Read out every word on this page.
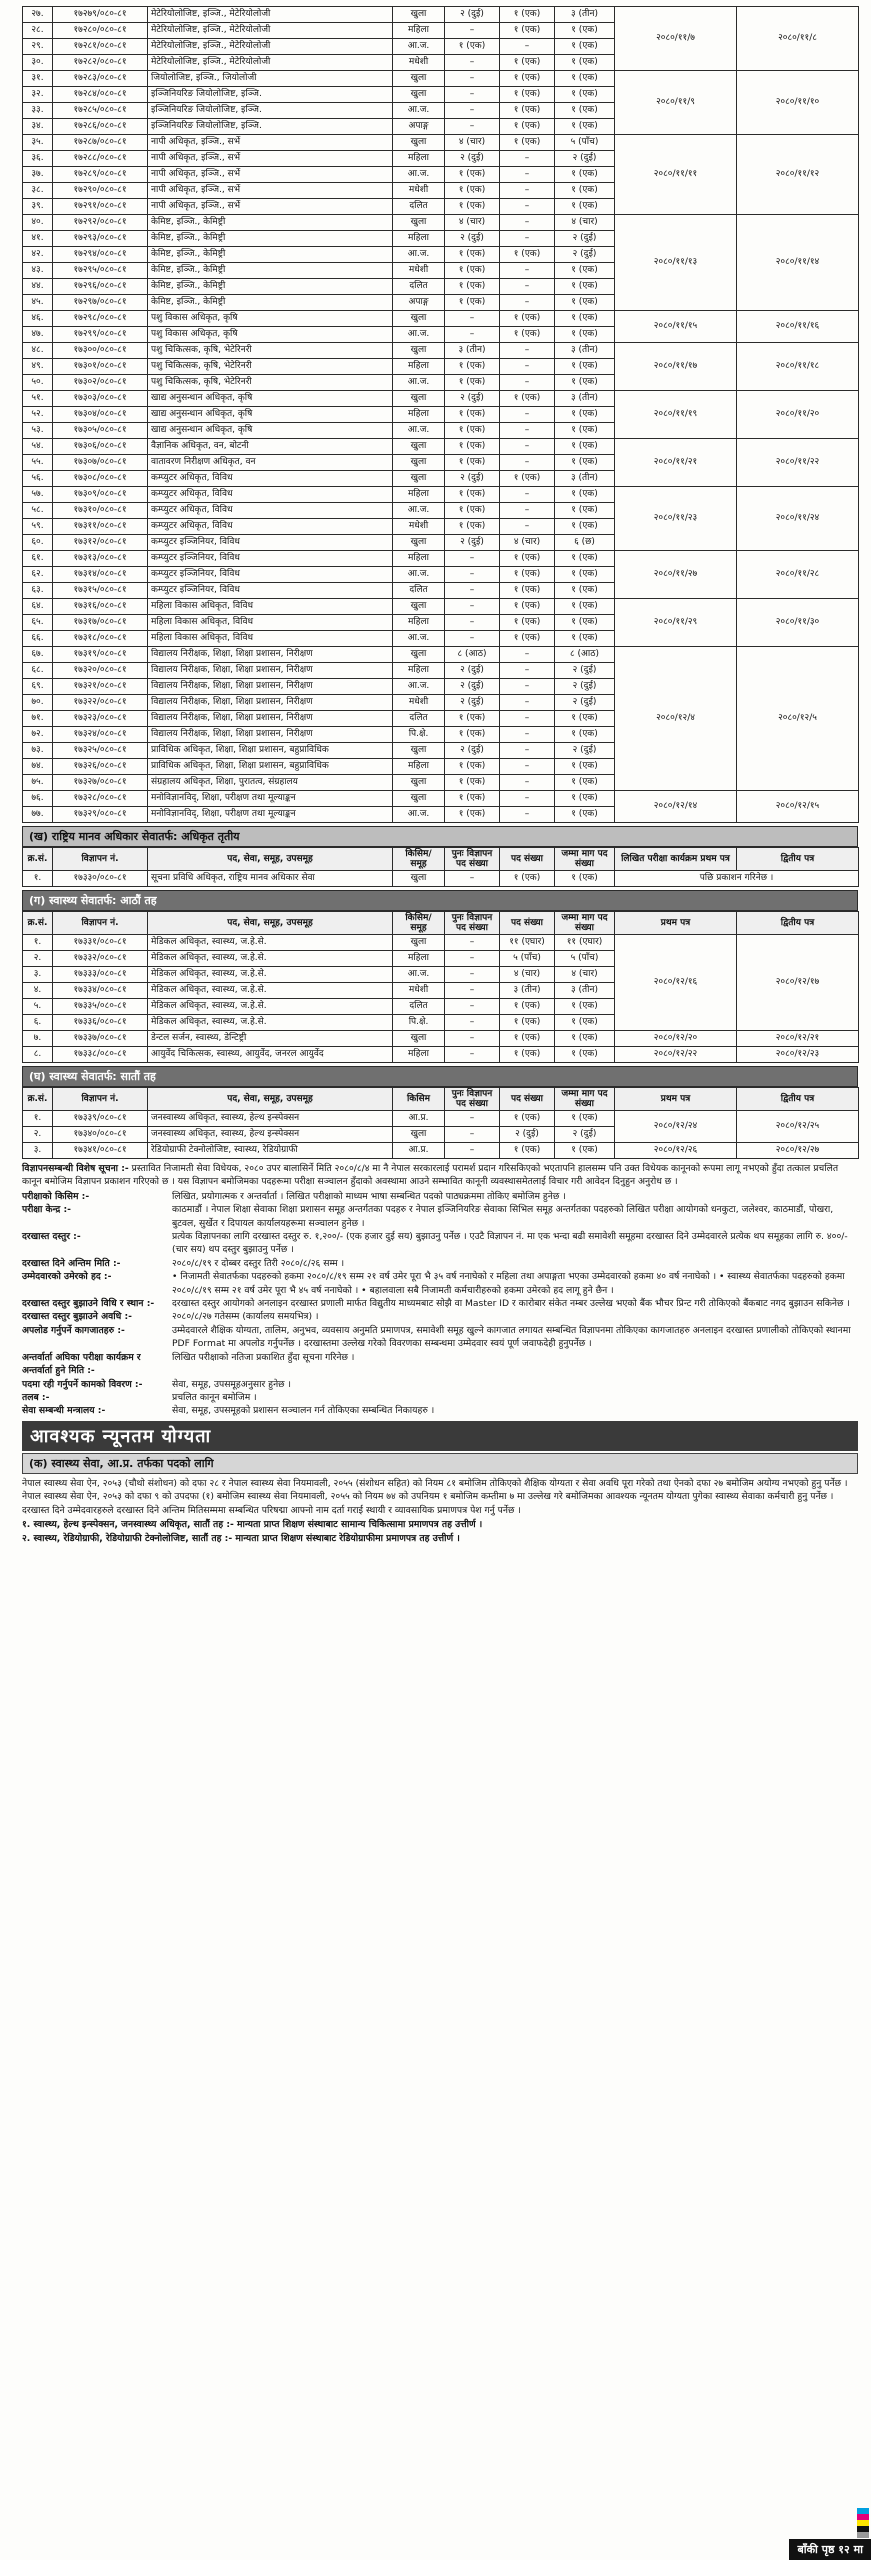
२७.	१७२७९/०८०-८१	मेटेरियोलोजिष्ट, इञ्जि., मेटेरियोलोजी	खुला	२ (दुई)	१ (एक)	३ (तीन)	२०८०/११/७	२०८०/११/८
२८.	१७२८०/०८०-८१	मेटेरियोलोजिष्ट, इञ्जि., मेटेरियोलोजी	महिला	–	१ (एक)	१ (एक)		
२९.	१७२८१/०८०-८१	मेटेरियोलोजिष्ट, इञ्जि., मेटेरियोलोजी	आ.ज.	१ (एक)	–	१ (एक)		
३०.	१७२८२/०८०-८१	मेटेरियोलोजिष्ट, इञ्जि., मेटेरियोलोजी	मधेशी	–	१ (एक)	१ (एक)		
३१.	१७२८३/०८०-८१	जियोलोजिष्ट, इञ्जि., जियोलोजी	खुला	–	१ (एक)	१ (एक)	२०८०/११/९	२०८०/११/१०
३२.	१७२८४/०८०-८१	इञ्जिनियरिङ जियोलोजिष्ट, इञ्जि.	खुला	–	१ (एक)	१ (एक)		
३३.	१७२८५/०८०-८१	इञ्जिनियरिङ जियोलोजिष्ट, इञ्जि.	आ.ज.	–	१ (एक)	१ (एक)		
३४.	१७२८६/०८०-८१	इञ्जिनियरिङ जियोलोजिष्ट, इञ्जि.	अपाङ्ग	–	१ (एक)	१ (एक)		
३५.	१७२८७/०८०-८१	नापी अधिकृत, इञ्जि., सर्भे	खुला	४ (चार)	१ (एक)	५ (पाँच)	२०८०/११/११	२०८०/११/१२
३६.	१७२८८/०८०-८१	नापी अधिकृत, इञ्जि., सर्भे	महिला	२ (दुई)	–	२ (दुई)		
३७.	१७२८९/०८०-८१	नापी अधिकृत, इञ्जि., सर्भे	आ.ज.	१ (एक)	–	१ (एक)		
३८.	१७२९०/०८०-८१	नापी अधिकृत, इञ्जि., सर्भे	मधेशी	१ (एक)	–	१ (एक)		
३९.	१७२९१/०८०-८१	नापी अधिकृत, इञ्जि., सर्भे	दलित	१ (एक)	–	१ (एक)		
४०.	१७२९२/०८०-८१	केमिष्ट, इञ्जि., केमिष्ट्री	खुला	४ (चार)	–	४ (चार)	२०८०/११/१३	२०८०/११/१४
४१.	१७२९३/०८०-८१	केमिष्ट, इञ्जि., केमिष्ट्री	महिला	२ (दुई)	–	२ (दुई)		
४२.	१७२९४/०८०-८१	केमिष्ट, इञ्जि., केमिष्ट्री	आ.ज.	१ (एक)	१ (एक)	२ (दुई)		
४३.	१७२९५/०८०-८१	केमिष्ट, इञ्जि., केमिष्ट्री	मधेशी	१ (एक)	–	१ (एक)		
४४.	१७२९६/०८०-८१	केमिष्ट, इञ्जि., केमिष्ट्री	दलित	१ (एक)	–	१ (एक)		
४५.	१७२९७/०८०-८१	केमिष्ट, इञ्जि., केमिष्ट्री	अपाङ्ग	१ (एक)	–	१ (एक)		
४६.	१७२९८/०८०-८१	पशु विकास अधिकृत, कृषि	खुला	–	१ (एक)	१ (एक)	२०८०/११/१५	२०८०/११/१६
४७.	१७२९९/०८०-८१	पशु विकास अधिकृत, कृषि	आ.ज.	–	१ (एक)	१ (एक)		
४८.	१७३००/०८०-८१	पशु चिकित्सक, कृषि, भेटेरिनरी	खुला	३ (तीन)	–	३ (तीन)	२०८०/११/१७	२०८०/११/१८
४९.	१७३०१/०८०-८१	पशु चिकित्सक, कृषि, भेटेरिनरी	महिला	१ (एक)	–	१ (एक)		
५०.	१७३०२/०८०-८१	पशु चिकित्सक, कृषि, भेटेरिनरी	आ.ज.	१ (एक)	–	१ (एक)		
५१.	१७३०३/०८०-८१	खाद्य अनुसन्धान अधिकृत, कृषि	खुला	२ (दुई)	१ (एक)	३ (तीन)	२०८०/११/१९	२०८०/११/२०
५२.	१७३०४/०८०-८१	खाद्य अनुसन्धान अधिकृत, कृषि	महिला	१ (एक)	–	१ (एक)		
५३.	१७३०५/०८०-८१	खाद्य अनुसन्धान अधिकृत, कृषि	आ.ज.	१ (एक)	–	१ (एक)		
५४.	१७३०६/०८०-८१	वैज्ञानिक अधिकृत, वन, बोटनी	खुला	१ (एक)	–	१ (एक)	२०८०/११/२१	२०८०/११/२२
५५.	१७३०७/०८०-८१	वातावरण निरीक्षण अधिकृत, वन	खुला	१ (एक)	–	१ (एक)		
५६.	१७३०८/०८०-८१	कम्प्युटर अधिकृत, विविध	खुला	२ (दुई)	१ (एक)	३ (तीन)		
५७.	१७३०९/०८०-८१	कम्प्युटर अधिकृत, विविध	महिला	१ (एक)	–	१ (एक)	२०८०/११/२३	२०८०/११/२४
५८.	१७३१०/०८०-८१	कम्प्युटर अधिकृत, विविध	आ.ज.	१ (एक)	–	१ (एक)		
५९.	१७३११/०८०-८१	कम्प्युटर अधिकृत, विविध	मधेशी	१ (एक)	–	१ (एक)		
६०.	१७३१२/०८०-८१	कम्प्युटर इञ्जिनियर, विविध	खुला	२ (दुई)	४ (चार)	६ (छ)		
६१.	१७३१३/०८०-८१	कम्प्युटर इञ्जिनियर, विविध	महिला	–	१ (एक)	१ (एक)	२०८०/११/२७	२०८०/११/२८
६२.	१७३१४/०८०-८१	कम्प्युटर इञ्जिनियर, विविध	आ.ज.	–	१ (एक)	१ (एक)		
६३.	१७३१५/०८०-८१	कम्प्युटर इञ्जिनियर, विविध	दलित	–	१ (एक)	१ (एक)		
६४.	१७३१६/०८०-८१	महिला विकास अधिकृत, विविध	खुला	–	१ (एक)	१ (एक)	२०८०/११/२९	२०८०/११/३०
६५.	१७३१७/०८०-८१	महिला विकास अधिकृत, विविध	महिला	–	१ (एक)	१ (एक)		
६६.	१७३१८/०८०-८१	महिला विकास अधिकृत, विविध	आ.ज.	–	१ (एक)	१ (एक)		
६७.	१७३१९/०८०-८१	विद्यालय निरीक्षक, शिक्षा, शिक्षा प्रशासन, निरीक्षण	खुला	८ (आठ)	–	८ (आठ)	२०८०/१२/४	२०८०/१२/५
६८.	१७३२०/०८०-८१	विद्यालय निरीक्षक, शिक्षा, शिक्षा प्रशासन, निरीक्षण	महिला	२ (दुई)	–	२ (दुई)		
६९.	१७३२१/०८०-८१	विद्यालय निरीक्षक, शिक्षा, शिक्षा प्रशासन, निरीक्षण	आ.ज.	२ (दुई)	–	२ (दुई)		
७०.	१७३२२/०८०-८१	विद्यालय निरीक्षक, शिक्षा, शिक्षा प्रशासन, निरीक्षण	मधेशी	२ (दुई)	–	२ (दुई)		
७१.	१७३२३/०८०-८१	विद्यालय निरीक्षक, शिक्षा, शिक्षा प्रशासन, निरीक्षण	दलित	१ (एक)	–	१ (एक)		
७२.	१७३२४/०८०-८१	विद्यालय निरीक्षक, शिक्षा, शिक्षा प्रशासन, निरीक्षण	पि.क्षे.	१ (एक)	–	१ (एक)		
७३.	१७३२५/०८०-८१	प्राविधिक अधिकृत, शिक्षा, शिक्षा प्रशासन, बहुप्राविधिक	खुला	२ (दुई)	–	२ (दुई)		
७४.	१७३२६/०८०-८१	प्राविधिक अधिकृत, शिक्षा, शिक्षा प्रशासन, बहुप्राविधिक	महिला	१ (एक)	–	१ (एक)		
७५.	१७३२७/०८०-८१	संग्रहालय अधिकृत, शिक्षा, पुरातत्व, संग्रहालय	खुला	१ (एक)	–	१ (एक)		
७६.	१७३२८/०८०-८१	मनोविज्ञानविद्, शिक्षा, परीक्षण तथा मूल्याङ्कन	खुला	१ (एक)	–	१ (एक)	२०८०/१२/१४	२०८०/१२/१५
७७.	१७३२९/०८०-८१	मनोविज्ञानविद्, शिक्षा, परीक्षण तथा मूल्याङ्कन	आ.ज.	१ (एक)	–	१ (एक)		
(ख) राष्ट्रिय मानव अधिकार सेवातर्फ: अधिकृत तृतीय
क्र.सं.	विज्ञापन नं.	पद, सेवा, समूह, उपसमूह	किसिम/ समूह	पुनः विज्ञापन पद संख्या	पद संख्या	जम्मा माग पद संख्या	लिखित परीक्षा कार्यक्रम प्रथम पत्र	द्वितीय पत्र
१.	१७३३०/०८०-८१	सूचना प्रविधि अधिकृत, राष्ट्रिय मानव अधिकार सेवा	खुला	–	१ (एक)	१ (एक)	पछि प्रकाशन गरिनेछ ।	
(ग) स्वास्थ्य सेवातर्फ: आठौं तह
क्र.सं.	विज्ञापन नं.	पद, सेवा, समूह, उपसमूह	किसिम/ समूह	पुनः विज्ञापन पद संख्या	पद संख्या	जम्मा माग पद संख्या	प्रथम पत्र	द्वितीय पत्र
१.	१७३३१/०८०-८१	मेडिकल अधिकृत, स्वास्थ्य, ज.हे.से.	खुला	–	११ (एघार)	११ (एघार)	२०८०/१२/१६	२०८०/१२/१७
२.	१७३३२/०८०-८१	मेडिकल अधिकृत, स्वास्थ्य, ज.हे.से.	महिला	–	५ (पाँच)	५ (पाँच)		
३.	१७३३३/०८०-८१	मेडिकल अधिकृत, स्वास्थ्य, ज.हे.से.	आ.ज.	–	४ (चार)	४ (चार)		
४.	१७३३४/०८०-८१	मेडिकल अधिकृत, स्वास्थ्य, ज.हे.से.	मधेशी	–	३ (तीन)	३ (तीन)		
५.	१७३३५/०८०-८१	मेडिकल अधिकृत, स्वास्थ्य, ज.हे.से.	दलित	–	१ (एक)	१ (एक)		
६.	१७३३६/०८०-८१	मेडिकल अधिकृत, स्वास्थ्य, ज.हे.से.	पि.क्षे.	–	१ (एक)	१ (एक)		
७.	१७३३७/०८०-८१	डेन्टल सर्जन, स्वास्थ्य, डेन्टिष्ट्री	खुला	–	१ (एक)	१ (एक)	२०८०/१२/२०	२०८०/१२/२१
८.	१७३३८/०८०-८१	आयुर्वेद चिकित्सक, स्वास्थ्य, आयुर्वेद, जनरल आयुर्वेद	महिला	–	१ (एक)	१ (एक)	२०८०/१२/२२	२०८०/१२/२३
(घ) स्वास्थ्य सेवातर्फ: सातौं तह
क्र.सं.	विज्ञापन नं.	पद, सेवा, समूह, उपसमूह	किसिम	पुनः विज्ञापन पद संख्या	पद संख्या	जम्मा माग पद संख्या	प्रथम पत्र	द्वितीय पत्र
१.	१७३३९/०८०-८१	जनस्वास्थ्य अधिकृत, स्वास्थ्य, हेल्थ इन्स्पेक्सन	आ.प्र.	–	१ (एक)	१ (एक)	२०८०/१२/२४	२०८०/१२/२५
२.	१७३४०/०८०-८१	जनस्वास्थ्य अधिकृत, स्वास्थ्य, हेल्थ इन्स्पेक्सन	खुला	–	२ (दुई)	२ (दुई)		
३.	१७३४१/०८०-८१	रेडियोग्राफी टेक्नोलोजिष्ट, स्वास्थ्य, रेडियोग्राफी	आ.प्र.	–	१ (एक)	१ (एक)	२०८०/१२/२६	२०८०/१२/२७

विज्ञापनसम्बन्धी विशेष सूचना :- प्रस्तावित निजामती सेवा विधेयक, २०८० उपर बालासिर्ने मिति २०८०/८/४ मा नै नेपाल सरकारलाई परामर्श प्रदान गरिसकिएको भएतापनि हालसम्म पनि उक्त विधेयक कानूनको रूपमा लागू नभएको हुँदा तत्काल प्रचलित कानून बमोजिम विज्ञापन प्रकाशन गरिएको छ । यस विज्ञापन बमोजिमका पदहरूमा परीक्षा सञ्चालन हुँदाको अवस्थामा आउने सम्भावित कानूनी व्यवस्थासमेतलाई विचार गरी आवेदन दिनुहुन अनुरोध छ ।

परीक्षाको किसिम :-	लिखित, प्रयोगात्मक र अन्तर्वार्ता । लिखित परीक्षाको माध्यम भाषा सम्बन्धित पदको पाठ्यक्रममा तोकिए बमोजिम हुनेछ ।
परीक्षा केन्द्र :-	काठमाडौं । नेपाल शिक्षा सेवाका शिक्षा प्रशासन समूह अन्तर्गतका पदहरु र नेपाल इञ्जिनियरिङ सेवाका सिभिल समूह अन्तर्गतका पदहरुको लिखित परीक्षा आयोगको धनकुटा, जलेश्वर, काठमाडौं, पोखरा, बुटवल, सुर्खेत र दिपायल कार्यालयहरूमा सञ्चालन हुनेछ ।
दरखास्त दस्तुर :-	प्रत्येक विज्ञापनका लागि दरखास्त दस्तुर रु. १,२००/- (एक हजार दुई सय) बुझाउनु पर्नेछ । एउटै विज्ञापन नं. मा एक भन्दा बढी समावेशी समूहमा दरखास्त दिने उम्मेदवारले प्रत्येक थप समूहका लागि रु. ४००/- (चार सय) थप दस्तुर बुझाउनु पर्नेछ ।
दरखास्त दिने अन्तिम मिति :-	२०८०/८/१९ र दोब्बर दस्तुर तिरी २०८०/८/२६ सम्म ।
उम्मेदवारको उमेरको हद :-	• निजामती सेवातर्फका पदहरुको हकमा २०८०/८/१९ सम्म २१ वर्ष उमेर पूरा भै ३५ वर्ष ननाघेको र महिला तथा अपाङ्गता भएका उम्मेदवारको हकमा ४० वर्ष ननाघेको । • स्वास्थ्य सेवातर्फका पदहरुको हकमा २०८०/८/१९ सम्म २१ वर्ष उमेर पूरा भै ४५ वर्ष ननाघेको । • बहालवाला सबै निजामती कर्मचारीहरुको हकमा उमेरको हद लागू हुने छैन ।
दरखास्त दस्तुर बुझाउने विधि र स्थान :-	दरखास्त दस्तुर आयोगको अनलाइन दरखास्त प्रणाली मार्फत विद्युतीय माध्यमबाट सोझै वा Master ID र कारोबार संकेत नम्बर उल्लेख भएको बैंक भौचर प्रिन्ट गरी तोकिएको बैंकबाट नगद बुझाउन सकिनेछ ।
दरखास्त दस्तुर बुझाउने अवधि :-	२०८०/८/२७ गतेसम्म (कार्यालय समयभित्र) ।
अपलोड गर्नुपर्ने कागजातहरु :-	उम्मेदवारले शैक्षिक योग्यता, तालिम, अनुभव, व्यवसाय अनुमति प्रमाणपत्र, समावेशी समूह खुल्ने कागजात लगायत सम्बन्धित विज्ञापनमा तोकिएका कागजातहरु अनलाइन दरखास्त प्रणालीको तोकिएको स्थानमा PDF Format मा अपलोड गर्नुपर्नेछ । दरखास्तमा उल्लेख गरेको विवरणका सम्बन्धमा उम्मेदवार स्वयं पूर्ण जवाफदेही हुनुपर्नेछ ।
अन्तर्वार्ता अघिका परीक्षा कार्यक्रम र अन्तर्वार्ता हुने मिति :-
लिखित परीक्षाको नतिजा प्रकाशित हुँदा सूचना गरिनेछ ।
पदमा रही गर्नुपर्ने कामको विवरण :-	सेवा, समूह, उपसमूहअनुसार हुनेछ ।
तलब :-	प्रचलित कानून बमोजिम ।
सेवा सम्बन्धी मन्त्रालय :-	सेवा, समूह, उपसमूहको प्रशासन सञ्चालन गर्न तोकिएका सम्बन्धित निकायहरु ।
आवश्यक न्यूनतम योग्यता
(क) स्वास्थ्य सेवा, आ.प्र. तर्फका पदको लागि

नेपाल स्वास्थ्य सेवा ऐन, २०५३ (चौथो संशोधन) को दफा २८ र नेपाल स्वास्थ्य सेवा नियमावली, २०५५ (संशोधन सहित) को नियम ८१ बमोजिम तोकिएको शैक्षिक योग्यता र सेवा अवधि पूरा गरेको तथा ऐनको दफा २७ बमोजिम अयोग्य नभएको हुनु पर्नेछ । नेपाल स्वास्थ्य सेवा ऐन, २०५३ को दफा ९ को उपदफा (१) बमोजिम स्वास्थ्य सेवा नियमावली, २०५५ को नियम ७४ को उपनियम १ बमोजिम कम्तीमा ७ मा उल्लेख गरे बमोजिमका आवश्यक न्यूनतम योग्यता पुगेका स्वास्थ्य सेवाका कर्मचारी हुनु पर्नेछ । दरखास्त दिने उम्मेदवारहरुले दरखास्त दिने अन्तिम मितिसम्ममा सम्बन्धित परिषद्मा आफ्नो नाम दर्ता गराई स्थायी र व्यावसायिक प्रमाणपत्र पेश गर्नु पर्नेछ ।

१. स्वास्थ्य, हेल्थ इन्स्पेक्सन, जनस्वास्थ्य अधिकृत, सातौं तह :- मान्यता प्राप्त शिक्षण संस्थाबाट सामान्य चिकित्सामा प्रमाणपत्र तह उत्तीर्ण ।

२. स्वास्थ्य, रेडियोग्राफी, रेडियोग्राफी टेक्नोलोजिष्ट, सातौं तह :- मान्यता प्राप्त शिक्षण संस्थाबाट रेडियोग्राफीमा प्रमाणपत्र तह उत्तीर्ण ।

बाँकी पृष्ठ १२ मा
